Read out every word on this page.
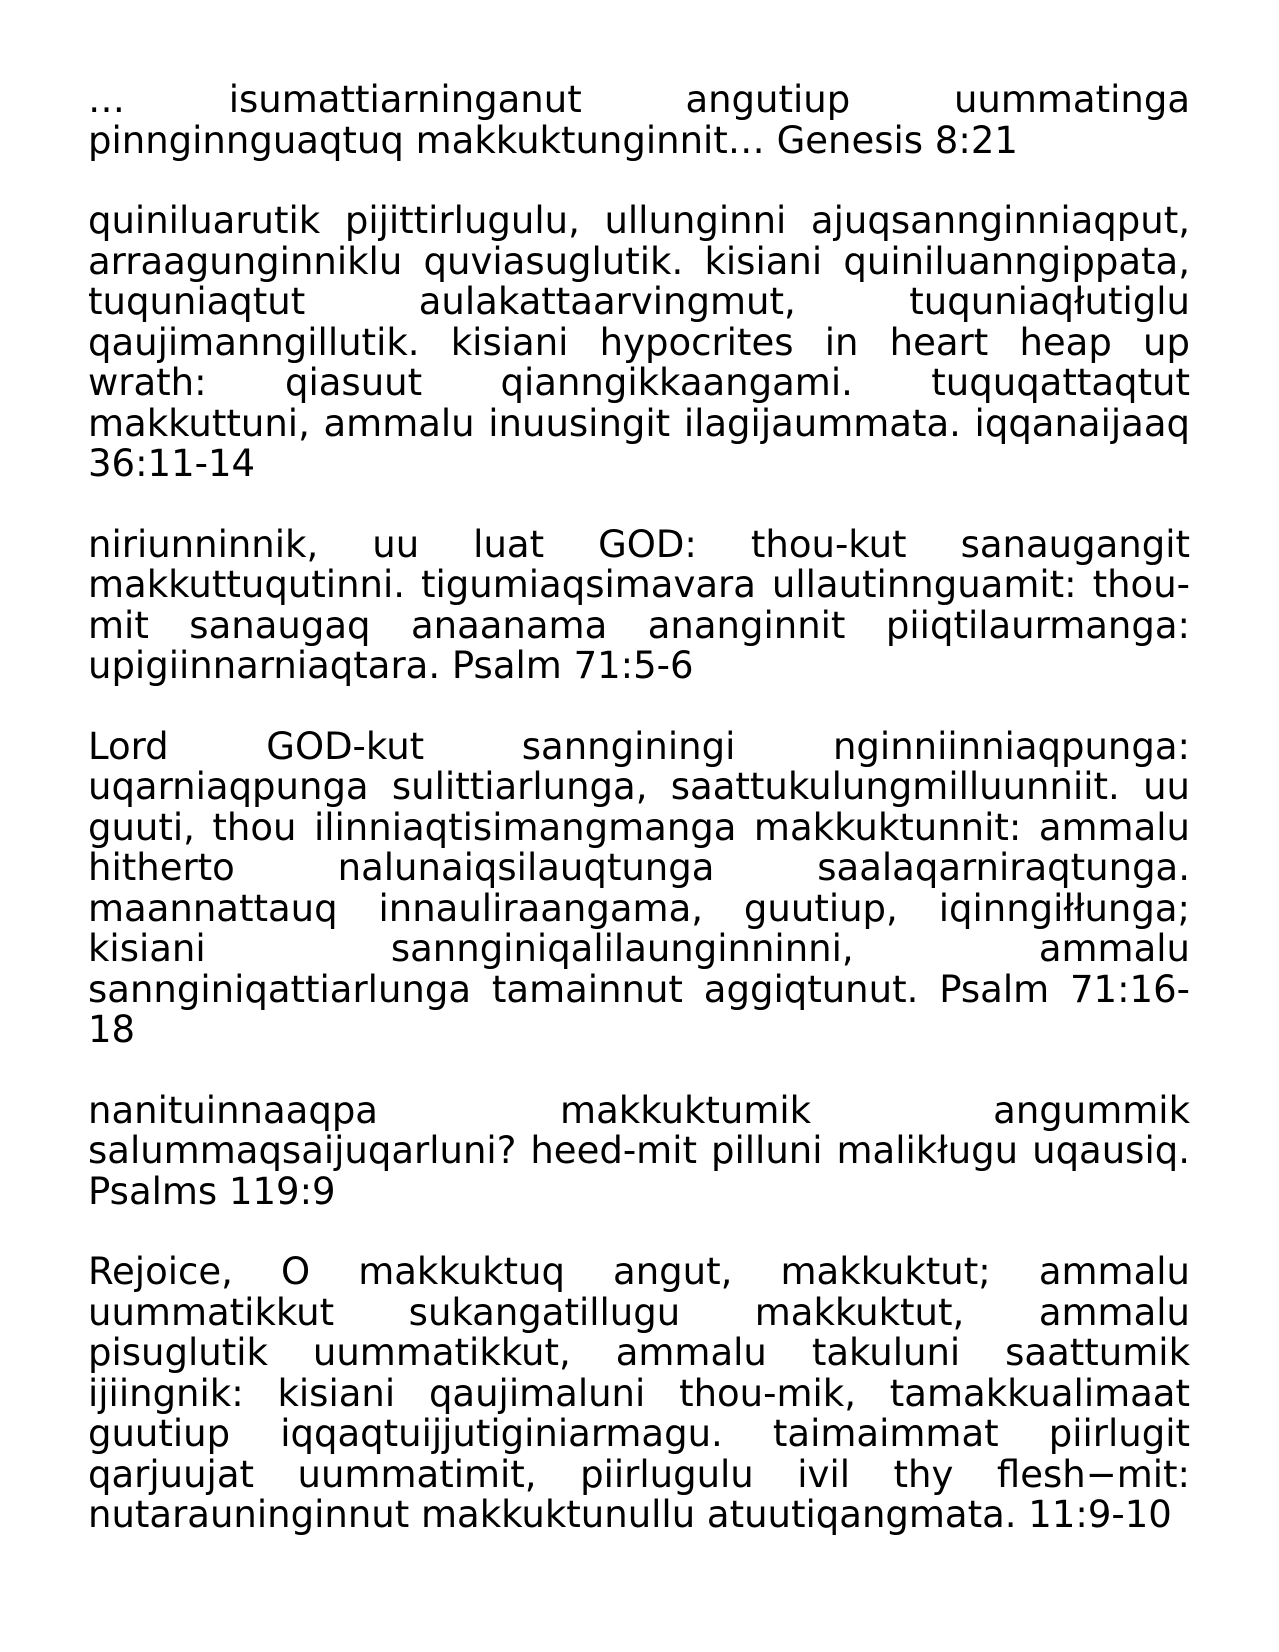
… isumattiarninganut angutiup uummatinga pinnginnguaqtuq makkuktunginnit… Genesis 8:21

quiniluarutik pijittirlugulu, ullunginni ajuqsannginniaqput, arraagunginniklu quviasuglutik. kisiani quiniluanngippata, tuquniaqtut aulakattaarvingmut, tuquniaqłutiglu qaujimanngillutik. kisiani hypocrites in heart heap up wrath: qiasuut qianngikkaangami. tuquqattaqtut makkuttuni, ammalu inuusingit ilagijaummata. iqqanaijaaq 36:11-14

niriunninnik, uu luat GOD: thou-kut sanaugangit makkuttuqutinni. tigumiaqsimavara ullautinnguamit: thou-mit sanaugaq anaanama ananginnit piiqtilaurmanga: upigiinnarniaqtara. Psalm 71:5-6

Lord GOD-kut sannginingi nginniinniaqpunga: uqarniaqpunga sulittiarlunga, saattukulungmilluunniit. uu guuti, thou ilinniaqtisimangmanga makkuktunnit: ammalu hitherto nalunaiqsilauqtunga saalaqarniraqtunga. maannattauq innauliraangama, guutiup, iqinngiłłunga; kisiani sannginiqalilaunginninni, ammalu sannginiqattiarlunga tamainnut aggiqtunut. Psalm 71:16-18

nanituinnaaqpa makkuktumik angummik salummaqsaijuqarluni? heed-mit pilluni malikługu uqausiq. Psalms 119:9

Rejoice, O makkuktuq angut, makkuktut; ammalu uummatikkut sukangatillugu makkuktut, ammalu pisuglutik uummatikkut, ammalu takuluni saattumik ijiingnik: kisiani qaujimaluni thou-mik, tamakkualimaat guutiup iqqaqtuijjutiginiarmagu. taimaimmat piirlugit qarjuujat uummatimit, piirlugulu ivil thy flesh−mit: nutarauninginnut makkuktunullu atuutiqangmata. 11:9-10
